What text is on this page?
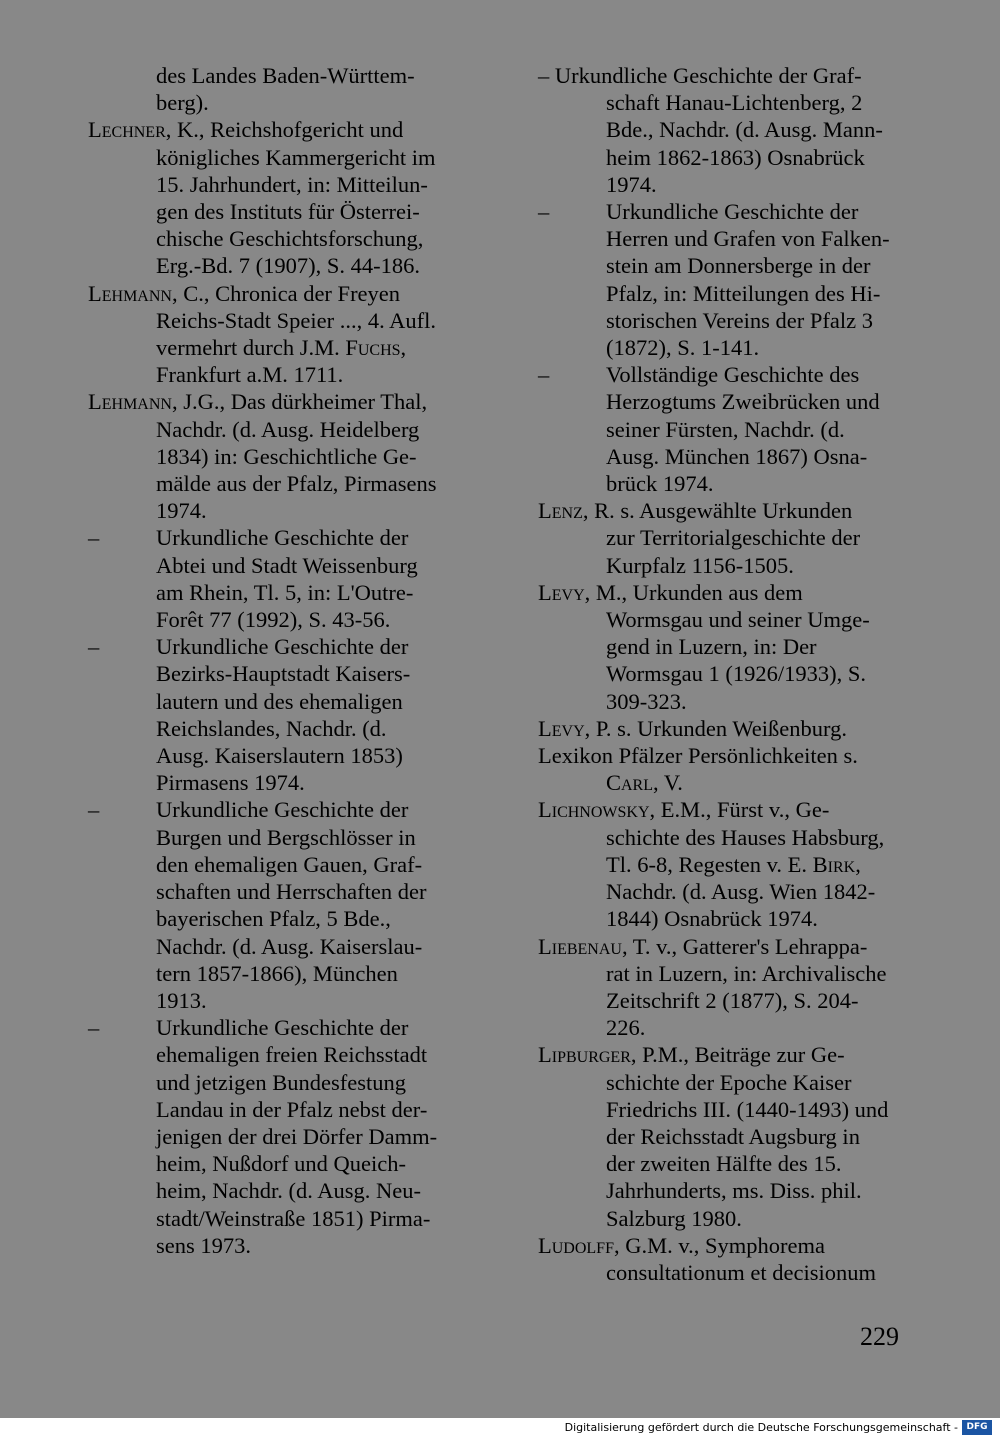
des Landes Baden-Württem-
berg).
Lechner, K., Reichshofgericht und
königliches Kammergericht im
15. Jahrhundert, in: Mitteilun-
gen des Instituts für Österrei-
chische Geschichtsforschung,
Erg.-Bd. 7 (1907), S. 44-186.
Lehmann, C., Chronica der Freyen
Reichs-Stadt Speier ..., 4. Aufl.
vermehrt durch J.M. Fuchs,
Frankfurt a.M. 1711.
Lehmann, J.G., Das dürkheimer Thal,
Nachdr. (d. Ausg. Heidelberg
1834) in: Geschichtliche Ge-
mälde aus der Pfalz, Pirmasens
1974.
–	Urkundliche Geschichte der
Abtei und Stadt Weissenburg
am Rhein, Tl. 5, in: L'Outre-
Forêt 77 (1992), S. 43-56.
–	Urkundliche Geschichte der
Bezirks-Hauptstadt Kaisers-
lautern und des ehemaligen
Reichslandes, Nachdr. (d.
Ausg. Kaiserslautern 1853)
Pirmasens 1974.
–	Urkundliche Geschichte der
Burgen und Bergschlösser in
den ehemaligen Gauen, Graf-
schaften und Herrschaften der
bayerischen Pfalz, 5 Bde.,
Nachdr. (d. Ausg. Kaiserslau-
tern 1857-1866), München
1913.
–	Urkundliche Geschichte der
ehemaligen freien Reichsstadt
und jetzigen Bundesfestung
Landau in der Pfalz nebst der-
jenigen der drei Dörfer Damm-
heim, Nußdorf und Queich-
heim, Nachdr. (d. Ausg. Neu-
stadt/Weinstraße 1851) Pirma-
sens 1973.
– Urkundliche Geschichte der Graf-
schaft Hanau-Lichtenberg, 2
Bde., Nachdr. (d. Ausg. Mann-
heim 1862-1863) Osnabrück
1974.
–	Urkundliche Geschichte der
Herren und Grafen von Falken-
stein am Donnersberge in der
Pfalz, in: Mitteilungen des Hi-
storischen Vereins der Pfalz 3
(1872), S. 1-141.
–	Vollständige Geschichte des
Herzogtums Zweibrücken und
seiner Fürsten, Nachdr. (d.
Ausg. München 1867) Osna-
brück 1974.
Lenz, R. s. Ausgewählte Urkunden
zur Territorialgeschichte der
Kurpfalz 1156-1505.
Levy, M., Urkunden aus dem
Wormsgau und seiner Umge-
gend in Luzern, in: Der
Wormsgau 1 (1926/1933), S.
309-323.
Levy, P. s. Urkunden Weißenburg.
Lexikon Pfälzer Persönlichkeiten s.
Carl, V.
Lichnowsky, E.M., Fürst v., Ge-
schichte des Hauses Habsburg,
Tl. 6-8, Regesten v. E. Birk,
Nachdr. (d. Ausg. Wien 1842-
1844) Osnabrück 1974.
Liebenau, T. v., Gatterer's Lehrappa-
rat in Luzern, in: Archivalische
Zeitschrift 2 (1877), S. 204-
226.
Lipburger, P.M., Beiträge zur Ge-
schichte der Epoche Kaiser
Friedrichs III. (1440-1493) und
der Reichsstadt Augsburg in
der zweiten Hälfte des 15.
Jahrhunderts, ms. Diss. phil.
Salzburg 1980.
Ludolff, G.M. v., Symphorema
consultationum et decisionum
229
Digitalisierung gefördert durch die Deutsche Forschungsgemeinschaft - DFG
